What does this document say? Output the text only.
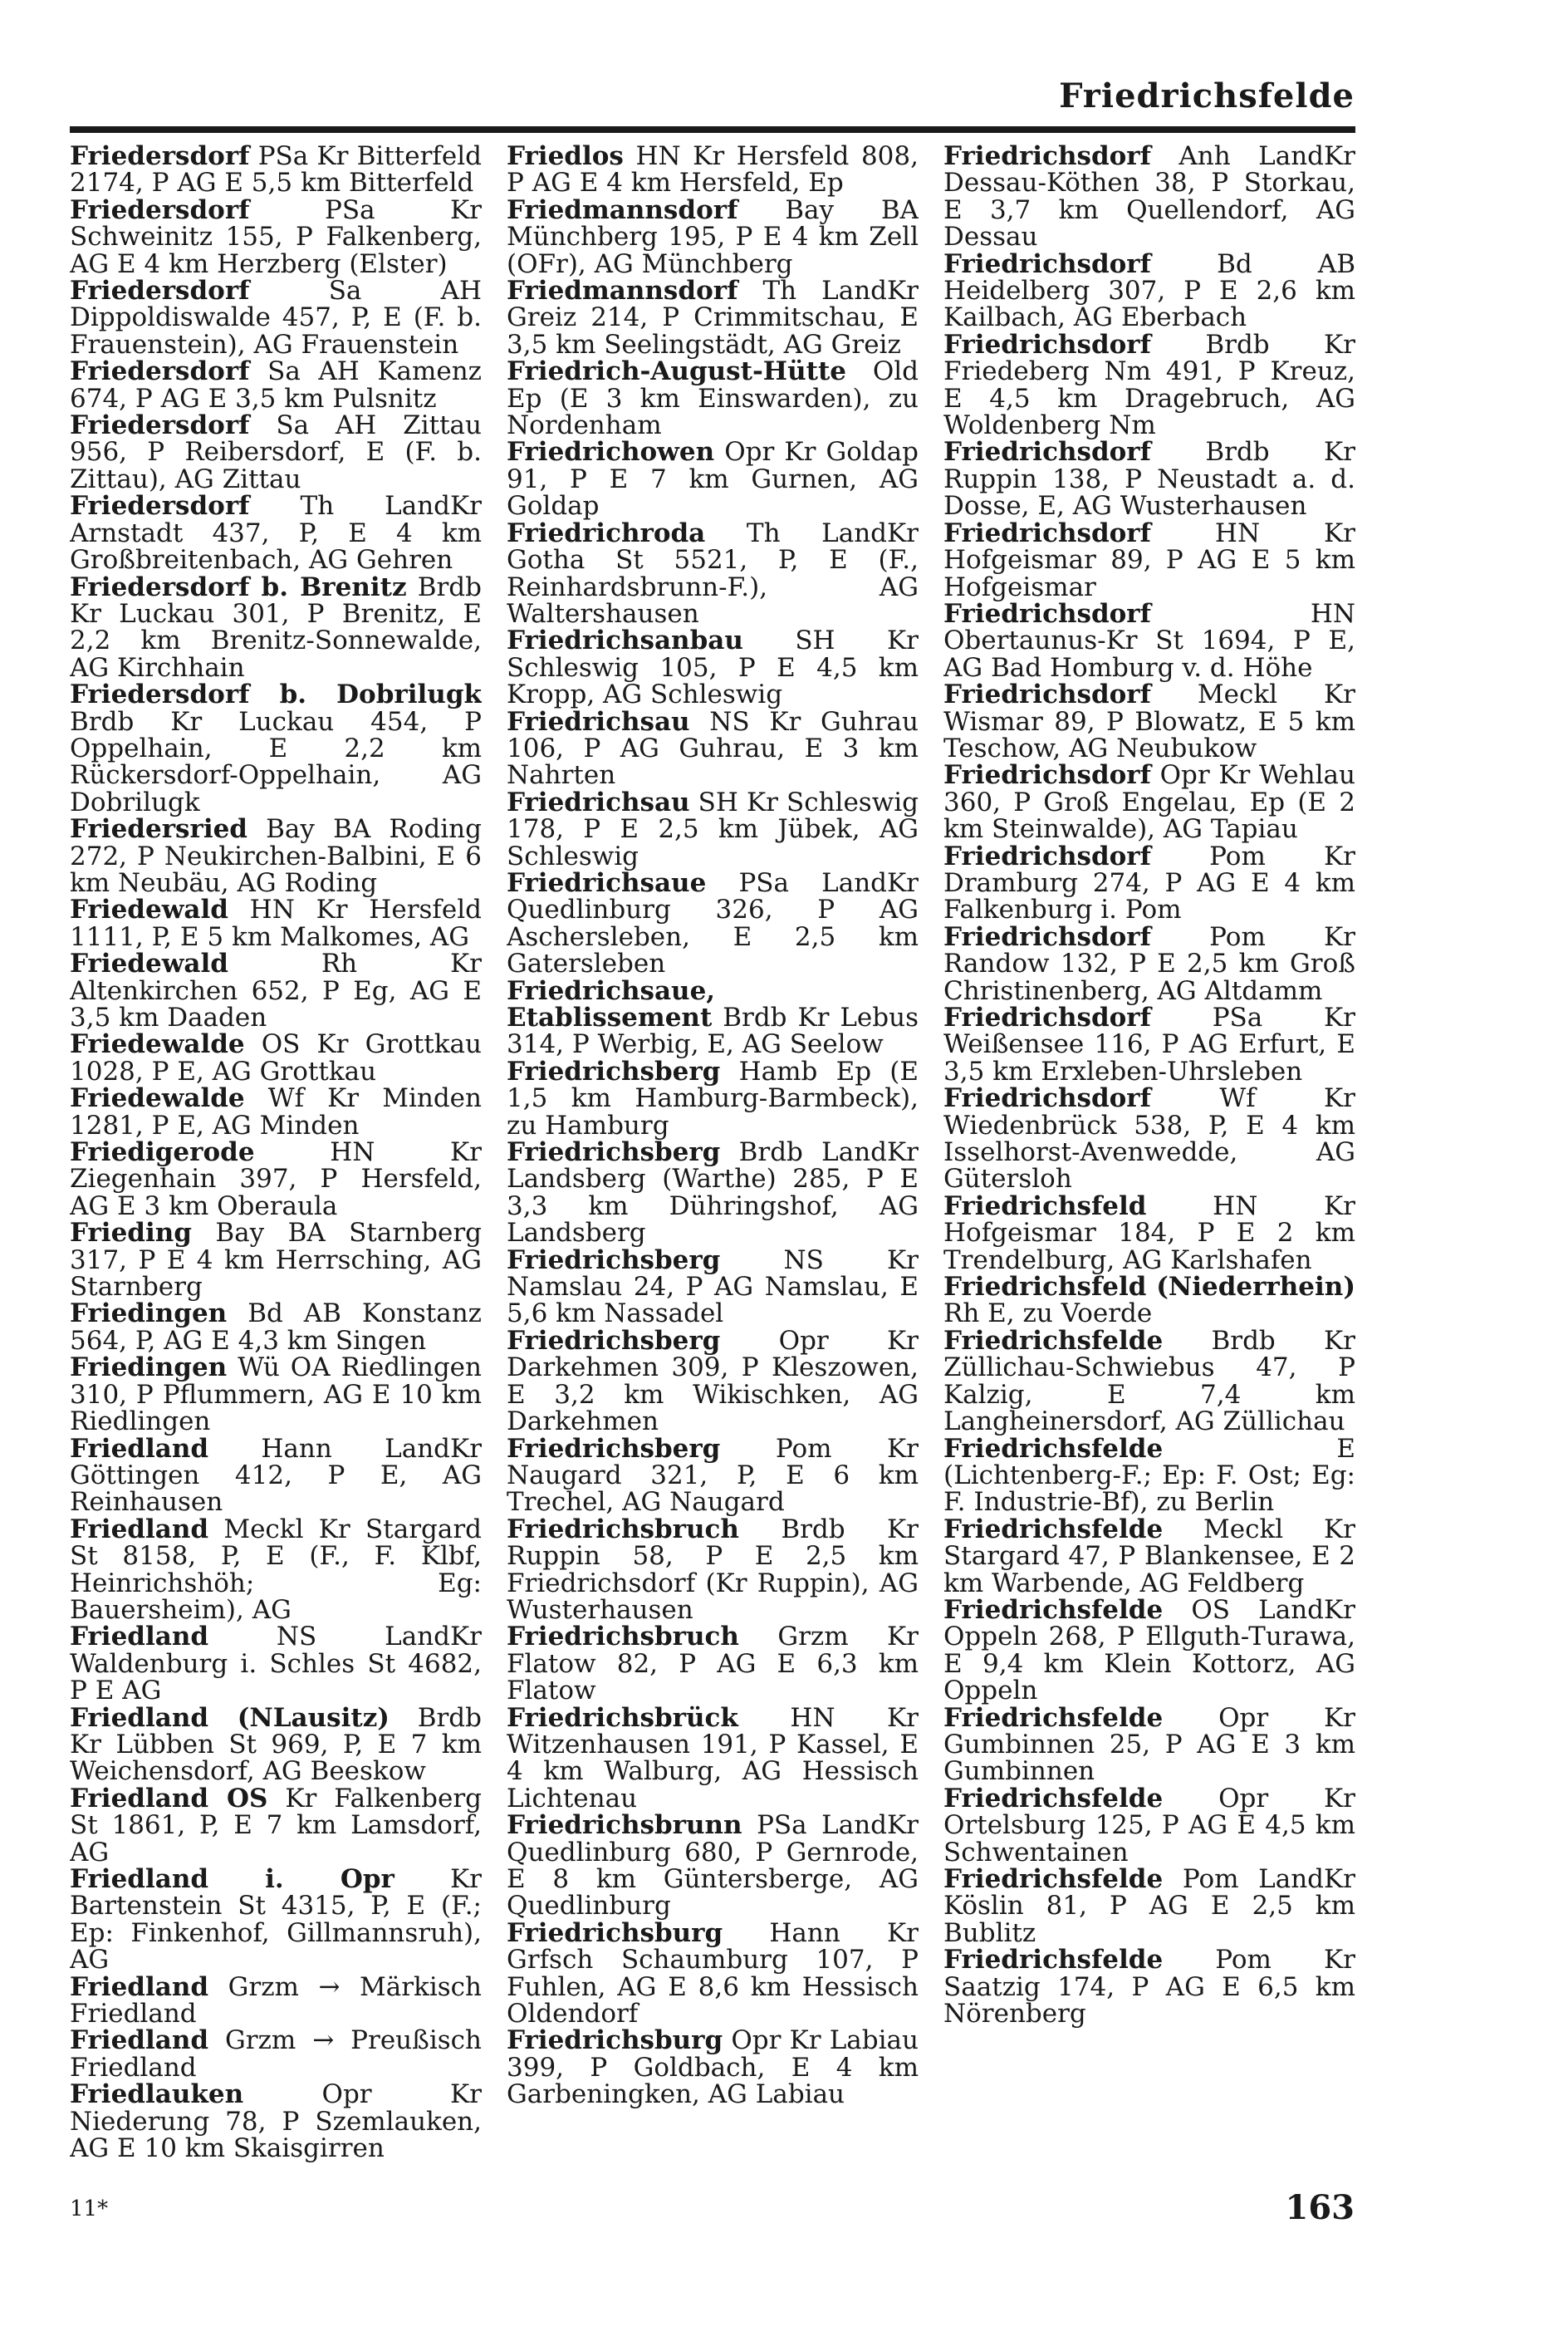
Friedrichsfelde

Friedersdorf PSa Kr Bitterfeld 2174, P AG E 5,5 km Bitterfeld

Friedersdorf	PSa Kr Schweinitz 155, P Falkenberg, AG E 4 km Herzberg (Elster)

Friedersdorf	Sa AH Dippoldiswalde 457, P, E (F. b. Frauenstein), AG Frauenstein

Friedersdorf Sa AH Kamenz 674, P AG E 3,5 km Pulsnitz

Friedersdorf Sa AH Zittau 956, P Reibersdorf, E (F. b. Zittau), AG Zittau

Friedersdorf Th LandKr Arnstadt 437, P, E 4 km Großbreitenbach, AG Gehren

Friedersdorf b. Brenitz Brdb Kr Luckau 301, P Brenitz, E 2,2 km Brenitz-Sonnewalde, AG Kirchhain

Friedersdorf b. Dobrilugk Brdb Kr Luckau 454, P Oppelhain, E 2,2 km Rückersdorf-Oppelhain, AG Dobrilugk

Friedersried Bay BA Roding 272, P Neukirchen-Balbini, E 6 km Neubäu, AG Roding

Friedewald HN Kr Hersfeld 1111, P, E 5 km Malkomes, AG

Friedewald	Rh Kr Altenkirchen 652, P Eg, AG E 3,5 km Daaden

Friedewalde OS Kr Grottkau 1028, P E, AG Grottkau

Friedewalde Wf Kr Minden 1281, P E, AG Minden

Friedigerode	HN Kr Ziegenhain 397, P Hersfeld, AG E 3 km Oberaula

Frieding Bay BA Starnberg 317, P E 4 km Herrsching, AG Starnberg

Friedingen Bd AB Konstanz 564, P, AG E 4,3 km Singen

Friedingen Wü OA Riedlingen 310, P Pflummern, AG E 10 km Riedlingen

Friedland Hann LandKr Göttingen 412, P E, AG Reinhausen

Friedland Meckl Kr Stargard St 8158, P, E (F., F. Klbf, Heinrichshöh; Eg: Bauersheim), AG

Friedland	NS LandKr Waldenburg i. Schles St 4682, P E AG

Friedland (NLausitz) Brdb Kr Lübben St 969, P, E 7 km Weichensdorf, AG Beeskow

Friedland OS Kr Falkenberg St 1861, P, E 7 km Lamsdorf, AG

Friedland i. Opr Kr Bartenstein St 4315, P, E (F.; Ep: Finkenhof, Gillmannsruh), AG

Friedland Grzm → Märkisch Friedland

Friedland Grzm → Preußisch Friedland

Friedlauken	Opr Kr Niederung 78, P Szemlauken, AG E 10 km Skaisgirren

Friedlos HN Kr Hersfeld 808, P AG E 4 km Hersfeld, Ep

Friedmannsdorf Bay BA Münchberg 195, P E 4 km Zell (OFr), AG Münchberg

Friedmannsdorf Th LandKr Greiz 214, P Crimmitschau, E 3,5 km Seelingstädt, AG Greiz

Friedrich-August-Hütte Old Ep (E 3 km Einswarden), zu Nordenham

Friedrichowen Opr Kr Goldap 91, P E 7 km Gurnen, AG Goldap

Friedrichroda Th LandKr Gotha St 5521, P, E (F., Reinhardsbrunn-F.), AG Waltershausen

Friedrichsanbau SH Kr Schleswig 105, P E 4,5 km Kropp, AG Schleswig

Friedrichsau NS Kr Guhrau 106, P AG Guhrau, E 3 km Nahrten

Friedrichsau SH Kr Schleswig 178, P E 2,5 km Jübek, AG Schleswig

Friedrichsaue PSa LandKr Quedlinburg 326, P AG Aschersleben, E 2,5 km Gatersleben

Friedrichsaue, Etablissement Brdb Kr Lebus 314, P Werbig, E, AG Seelow

Friedrichsberg Hamb Ep (E 1,5 km Hamburg-Barmbeck), zu Hamburg

Friedrichsberg Brdb LandKr Landsberg (Warthe) 285, P E 3,3 km Dühringshof, AG Landsberg

Friedrichsberg NS Kr Namslau 24, P AG Namslau, E 5,6 km Nassadel

Friedrichsberg Opr Kr Darkehmen 309, P Kleszowen, E 3,2 km Wikischken, AG Darkehmen

Friedrichsberg Pom Kr Naugard 321, P, E 6 km Trechel, AG Naugard

Friedrichsbruch Brdb Kr Ruppin 58, P E 2,5 km Friedrichsdorf (Kr Ruppin), AG Wusterhausen

Friedrichsbruch Grzm Kr Flatow 82, P AG E 6,3 km Flatow

Friedrichsbrück HN Kr Witzenhausen 191, P Kassel, E 4 km Walburg, AG Hessisch Lichtenau

Friedrichsbrunn PSa LandKr Quedlinburg 680, P Gernrode, E 8 km Güntersberge, AG Quedlinburg

Friedrichsburg Hann Kr Grfsch Schaumburg 107, P Fuhlen, AG E 8,6 km Hessisch Oldendorf

Friedrichsburg Opr Kr Labiau 399, P Goldbach, E 4 km Garbeningken, AG Labiau

Friedrichsdorf Anh LandKr Dessau-Köthen 38, P Storkau, E 3,7 km Quellendorf, AG Dessau

Friedrichsdorf	Bd AB Heidelberg 307, P E 2,6 km Kailbach, AG Eberbach

Friedrichsdorf Brdb Kr Friedeberg Nm 491, P Kreuz, E 4,5 km Dragebruch, AG Woldenberg Nm

Friedrichsdorf Brdb Kr Ruppin 138, P Neustadt a. d. Dosse, E, AG Wusterhausen

Friedrichsdorf HN Kr Hofgeismar 89, P AG E 5 km Hofgeismar

Friedrichsdorf	HN Obertaunus-Kr St 1694, P E, AG Bad Homburg v. d. Höhe

Friedrichsdorf Meckl Kr Wismar 89, P Blowatz, E 5 km Teschow, AG Neubukow

Friedrichsdorf Opr Kr Wehlau 360, P Groß Engelau, Ep (E 2 km Steinwalde), AG Tapiau

Friedrichsdorf Pom Kr Dramburg 274, P AG E 4 km Falkenburg i. Pom

Friedrichsdorf Pom Kr Randow 132, P E 2,5 km Groß Christinenberg, AG Altdamm

Friedrichsdorf PSa Kr Weißensee 116, P AG Erfurt, E 3,5 km Erxleben-Uhrsleben

Friedrichsdorf	Wf Kr Wiedenbrück 538, P, E 4 km Isselhorst-Avenwedde, AG Gütersloh

Friedrichsfeld	HN Kr Hofgeismar 184, P E 2 km Trendelburg, AG Karlshafen

Friedrichsfeld (Niederrhein) Rh E, zu Voerde

Friedrichsfelde Brdb Kr Züllichau-Schwiebus 47, P Kalzig, E 7,4 km Langheinersdorf, AG Züllichau

Friedrichsfelde	E (Lichtenberg-F.; Ep: F. Ost; Eg: F. Industrie-Bf), zu Berlin

Friedrichsfelde Meckl Kr Stargard 47, P Blankensee, E 2 km Warbende, AG Feldberg

Friedrichsfelde OS LandKr Oppeln 268, P Ellguth-Turawa, E 9,4 km Klein Kottorz, AG Oppeln

Friedrichsfelde Opr Kr Gumbinnen 25, P AG E 3 km Gumbinnen

Friedrichsfelde Opr Kr Ortelsburg 125, P AG E 4,5 km Schwentainen

Friedrichsfelde Pom LandKr Köslin 81, P AG E 2,5 km Bublitz

Friedrichsfelde Pom Kr Saatzig 174, P AG E 6,5 km Nörenberg

11*	163
